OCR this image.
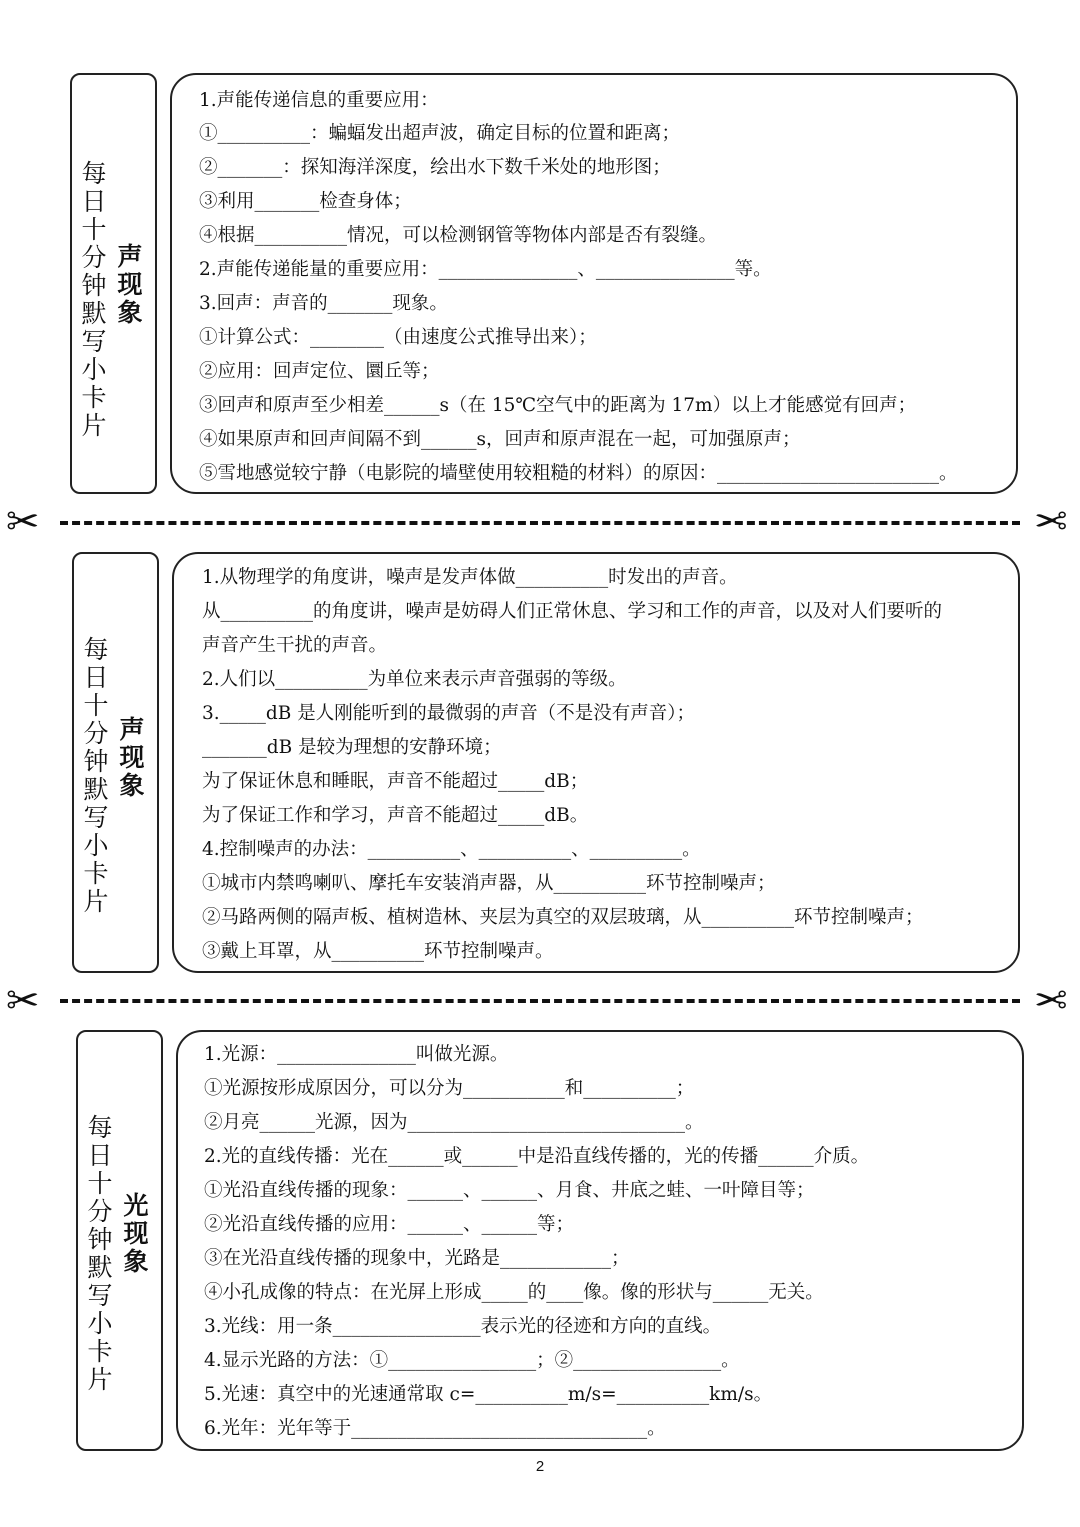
每日十分钟默写小卡片
声现象
1.声能传递信息的重要应用：
①__________：蝙蝠发出超声波，确定目标的位置和距离；
②_______：探知海洋深度，绘出水下数千米处的地形图；
③利用_______检查身体；
④根据__________情况，可以检测钢管等物体内部是否有裂缝。
2.声能传递能量的重要应用：_______________、_______________等。
3.回声：声音的_______现象。
①计算公式：________（由速度公式推导出来）；
②应用：回声定位、圜丘等；
③回声和原声至少相差______s（在 15℃空气中的距离为 17m）以上才能感觉有回声；
④如果原声和回声间隔不到______s，回声和原声混在一起，可加强原声；
⑤雪地感觉较宁静（电影院的墙壁使用较粗糙的材料）的原因：________________________。
✂	✂
每日十分钟默写小卡片
声现象
1.从物理学的角度讲，噪声是发声体做__________时发出的声音。
从__________的角度讲，噪声是妨碍人们正常休息、学习和工作的声音，以及对人们要听的
声音产生干扰的声音。
2.人们以__________为单位来表示声音强弱的等级。
3._____dB 是人刚能听到的最微弱的声音（不是没有声音）；
_______dB 是较为理想的安静环境；
为了保证休息和睡眠，声音不能超过_____dB；
为了保证工作和学习，声音不能超过_____dB。
4.控制噪声的办法：__________、__________、__________。
①城市内禁鸣喇叭、摩托车安装消声器，从__________环节控制噪声；
②马路两侧的隔声板、植树造林、夹层为真空的双层玻璃，从__________环节控制噪声；
③戴上耳罩，从__________环节控制噪声。
✂	✂
每日十分钟默写小卡片
光现象
1.光源：_______________叫做光源。
①光源按形成原因分，可以分为___________和__________；
②月亮______光源，因为______________________________。
2.光的直线传播：光在______或______中是沿直线传播的，光的传播______介质。
①光沿直线传播的现象：______、______、月食、井底之蛙、一叶障目等；
②光沿直线传播的应用：______、______等；
③在光沿直线传播的现象中，光路是____________；
④小孔成像的特点：在光屏上形成_____的____像。像的形状与______无关。
3.光线：用一条________________表示光的径迹和方向的直线。
4.显示光路的方法：①________________；②________________。
5.光速：真空中的光速通常取 c=__________m/s=__________km/s。
6.光年：光年等于________________________________。
2
